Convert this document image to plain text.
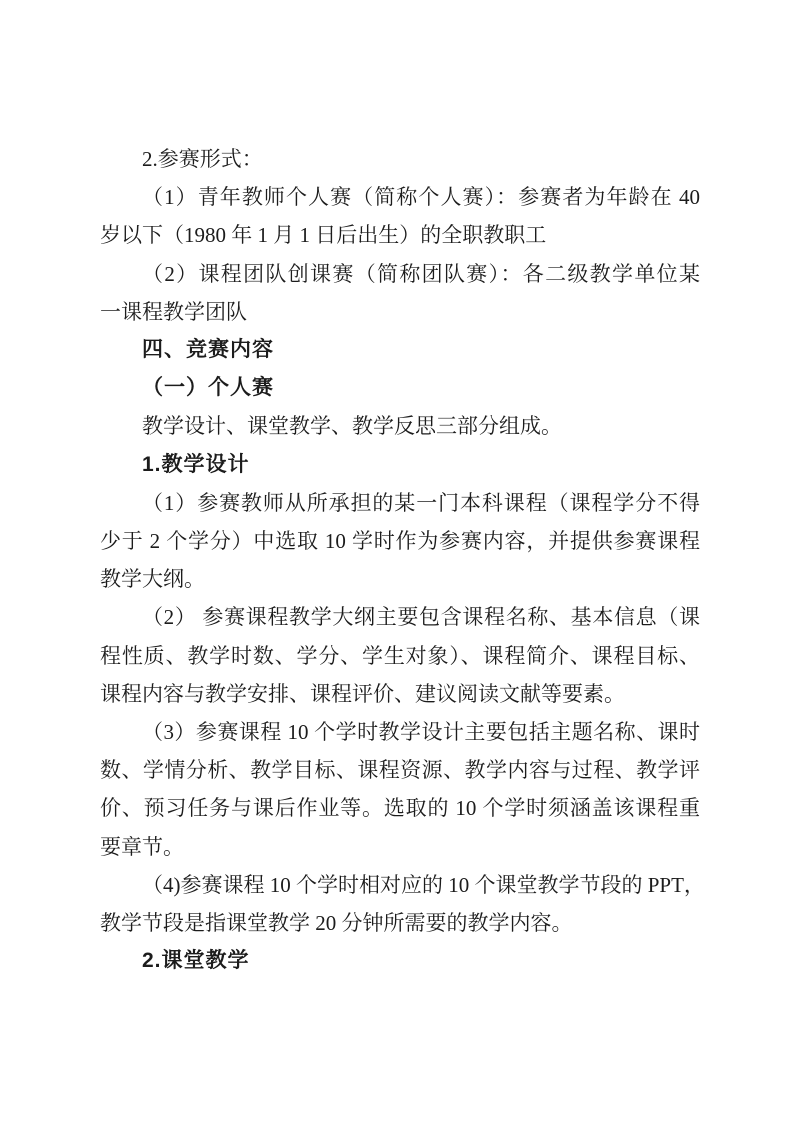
2.参赛形式：
（1）青年教师个人赛（简称个人赛）：参赛者为年龄在 40
岁以下（1980 年 1 月 1 日后出生）的全职教职工
（2）课程团队创课赛（简称团队赛）：各二级教学单位某
一课程教学团队
四、竞赛内容
（一）个人赛
教学设计、课堂教学、教学反思三部分组成。
1.教学设计
（1）参赛教师从所承担的某一门本科课程（课程学分不得
少于 2 个学分）中选取 10 学时作为参赛内容，并提供参赛课程
教学大纲。
（2） 参赛课程教学大纲主要包含课程名称、基本信息（课
程性质、教学时数、学分、学生对象）、课程简介、课程目标、
课程内容与教学安排、课程评价、建议阅读文献等要素。
（3）参赛课程 10 个学时教学设计主要包括主题名称、课时
数、学情分析、教学目标、课程资源、教学内容与过程、教学评
价、预习任务与课后作业等。选取的 10 个学时须涵盖该课程重
要章节。
（4)参赛课程 10 个学时相对应的 10 个课堂教学节段的 PPT，
教学节段是指课堂教学 20 分钟所需要的教学内容。
2.课堂教学
